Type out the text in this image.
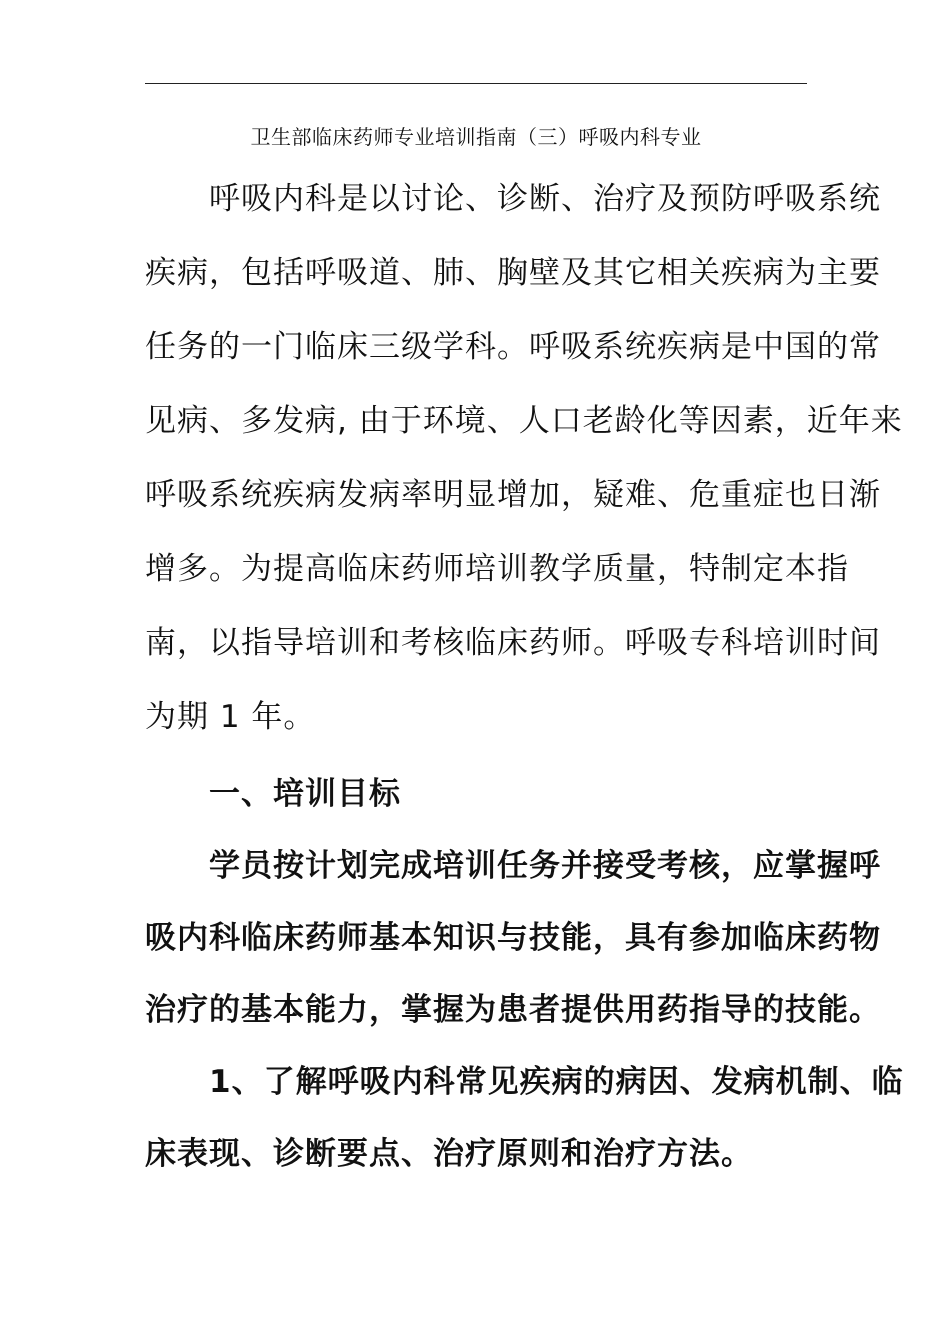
卫生部临床药师专业培训指南（三）呼吸内科专业
呼吸内科是以讨论、诊断、治疗及预防呼吸系统
疾病，包括呼吸道、肺、胸壁及其它相关疾病为主要
任务的一门临床三级学科。呼吸系统疾病是中国的常
见病、多发病, 由于环境、人口老龄化等因素，近年来
呼吸系统疾病发病率明显增加，疑难、危重症也日渐
增多。为提高临床药师培训教学质量，特制定本指
南，以指导培训和考核临床药师。呼吸专科培训时间
为期 1 年。
一、培训目标
学员按计划完成培训任务并接受考核，应掌握呼
吸内科临床药师基本知识与技能，具有参加临床药物
治疗的基本能力，掌握为患者提供用药指导的技能。
1、了解呼吸内科常见疾病的病因、发病机制、临
床表现、诊断要点、治疗原则和治疗方法。
